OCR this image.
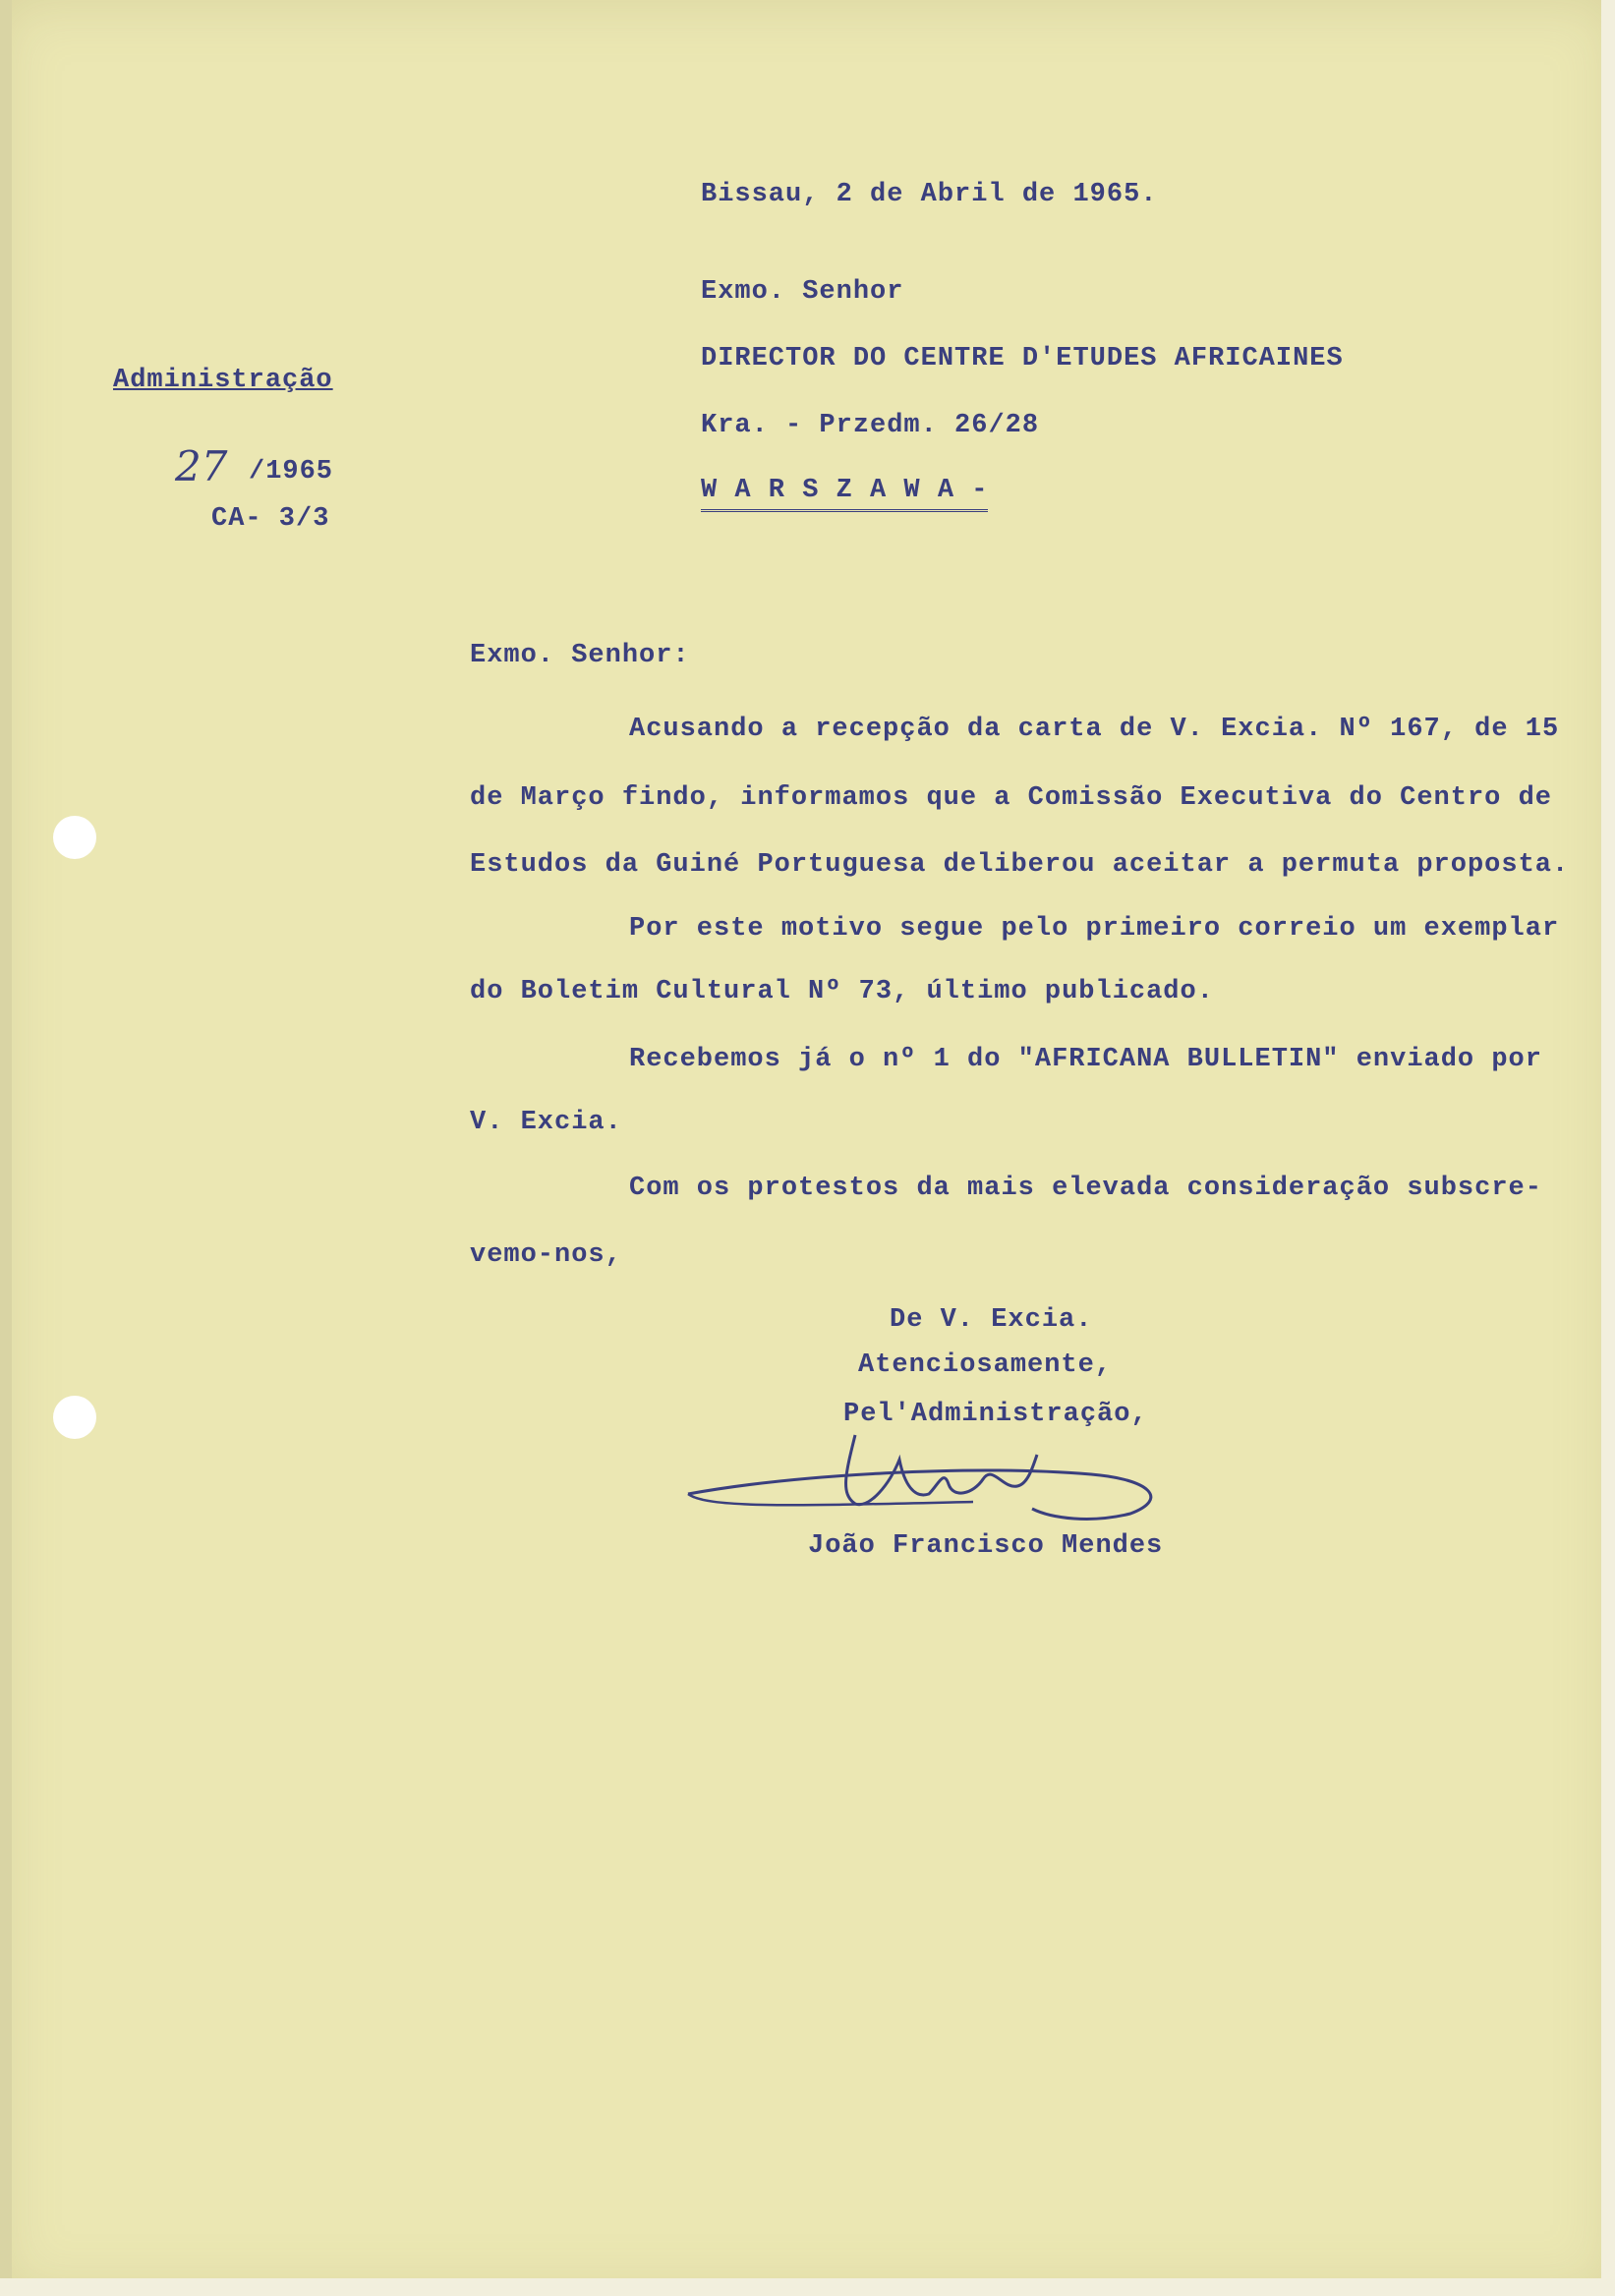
Bissau, 2 de Abril de 1965.
Exmo. Senhor
DIRECTOR DO CENTRE D'ETUDES AFRICAINES
Kra. - Przedm. 26/28
W A R S Z A W A -
Administração
27 /1965
CA- 3/3
Exmo. Senhor:
Acusando a recepção da carta de V. Excia. Nº 167, de 15
de Março findo, informamos que a Comissão Executiva do Centro de
Estudos da Guiné Portuguesa deliberou aceitar a permuta proposta.
Por este motivo segue pelo primeiro correio um exemplar
do Boletim Cultural Nº 73, último publicado.
Recebemos já o nº 1 do "AFRICANA BULLETIN" enviado por
V. Excia.
Com os protestos da mais elevada consideração subscre-
vemo-nos,
De V. Excia.
Atenciosamente,
Pel'Administração,
João Francisco Mendes
